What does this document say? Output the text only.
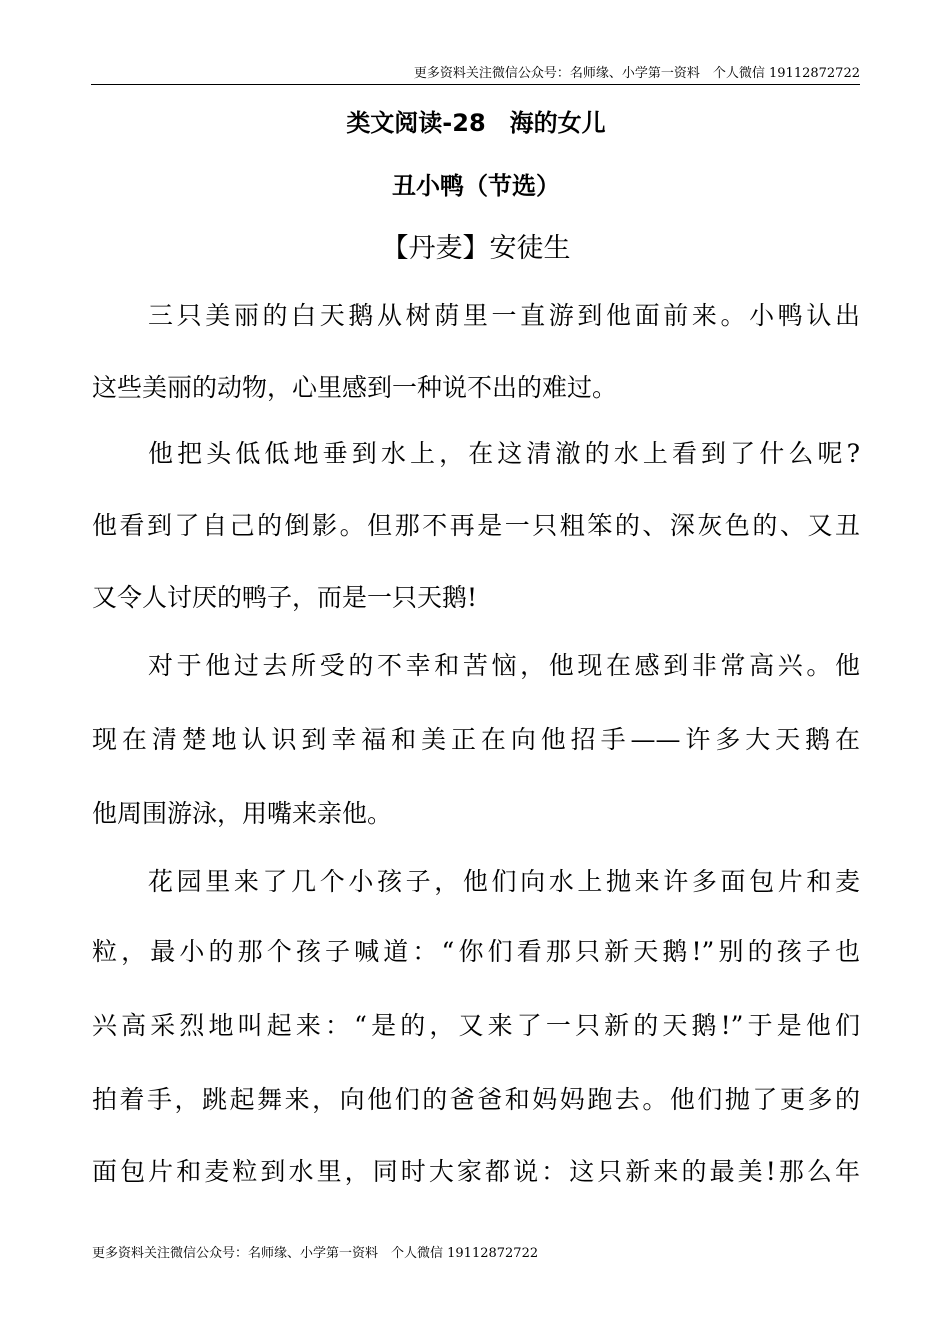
更多资料关注微信公众号：名师缘、小学第一资料　个人微信 19112872722
类文阅读-28　海的女儿
丑小鸭（节选）
【丹麦】安徒生
三只美丽的白天鹅从树荫里一直游到他面前来。小鸭认出
这些美丽的动物，心里感到一种说不出的难过。
他把头低低地垂到水上，在这清澈的水上看到了什么呢?
他看到了自己的倒影。但那不再是一只粗笨的、深灰色的、又丑
又令人讨厌的鸭子，而是一只天鹅!
对于他过去所受的不幸和苦恼，他现在感到非常高兴。他
现在清楚地认识到幸福和美正在向他招手——许多大天鹅在
他周围游泳，用嘴来亲他。
花园里来了几个小孩子，他们向水上抛来许多面包片和麦
粒，最小的那个孩子喊道：“你们看那只新天鹅!”别的孩子也
兴高采烈地叫起来：“是的，又来了一只新的天鹅!”于是他们
拍着手，跳起舞来，向他们的爸爸和妈妈跑去。他们抛了更多的
面包片和麦粒到水里，同时大家都说：这只新来的最美!那么年
更多资料关注微信公众号：名师缘、小学第一资料　个人微信 19112872722
